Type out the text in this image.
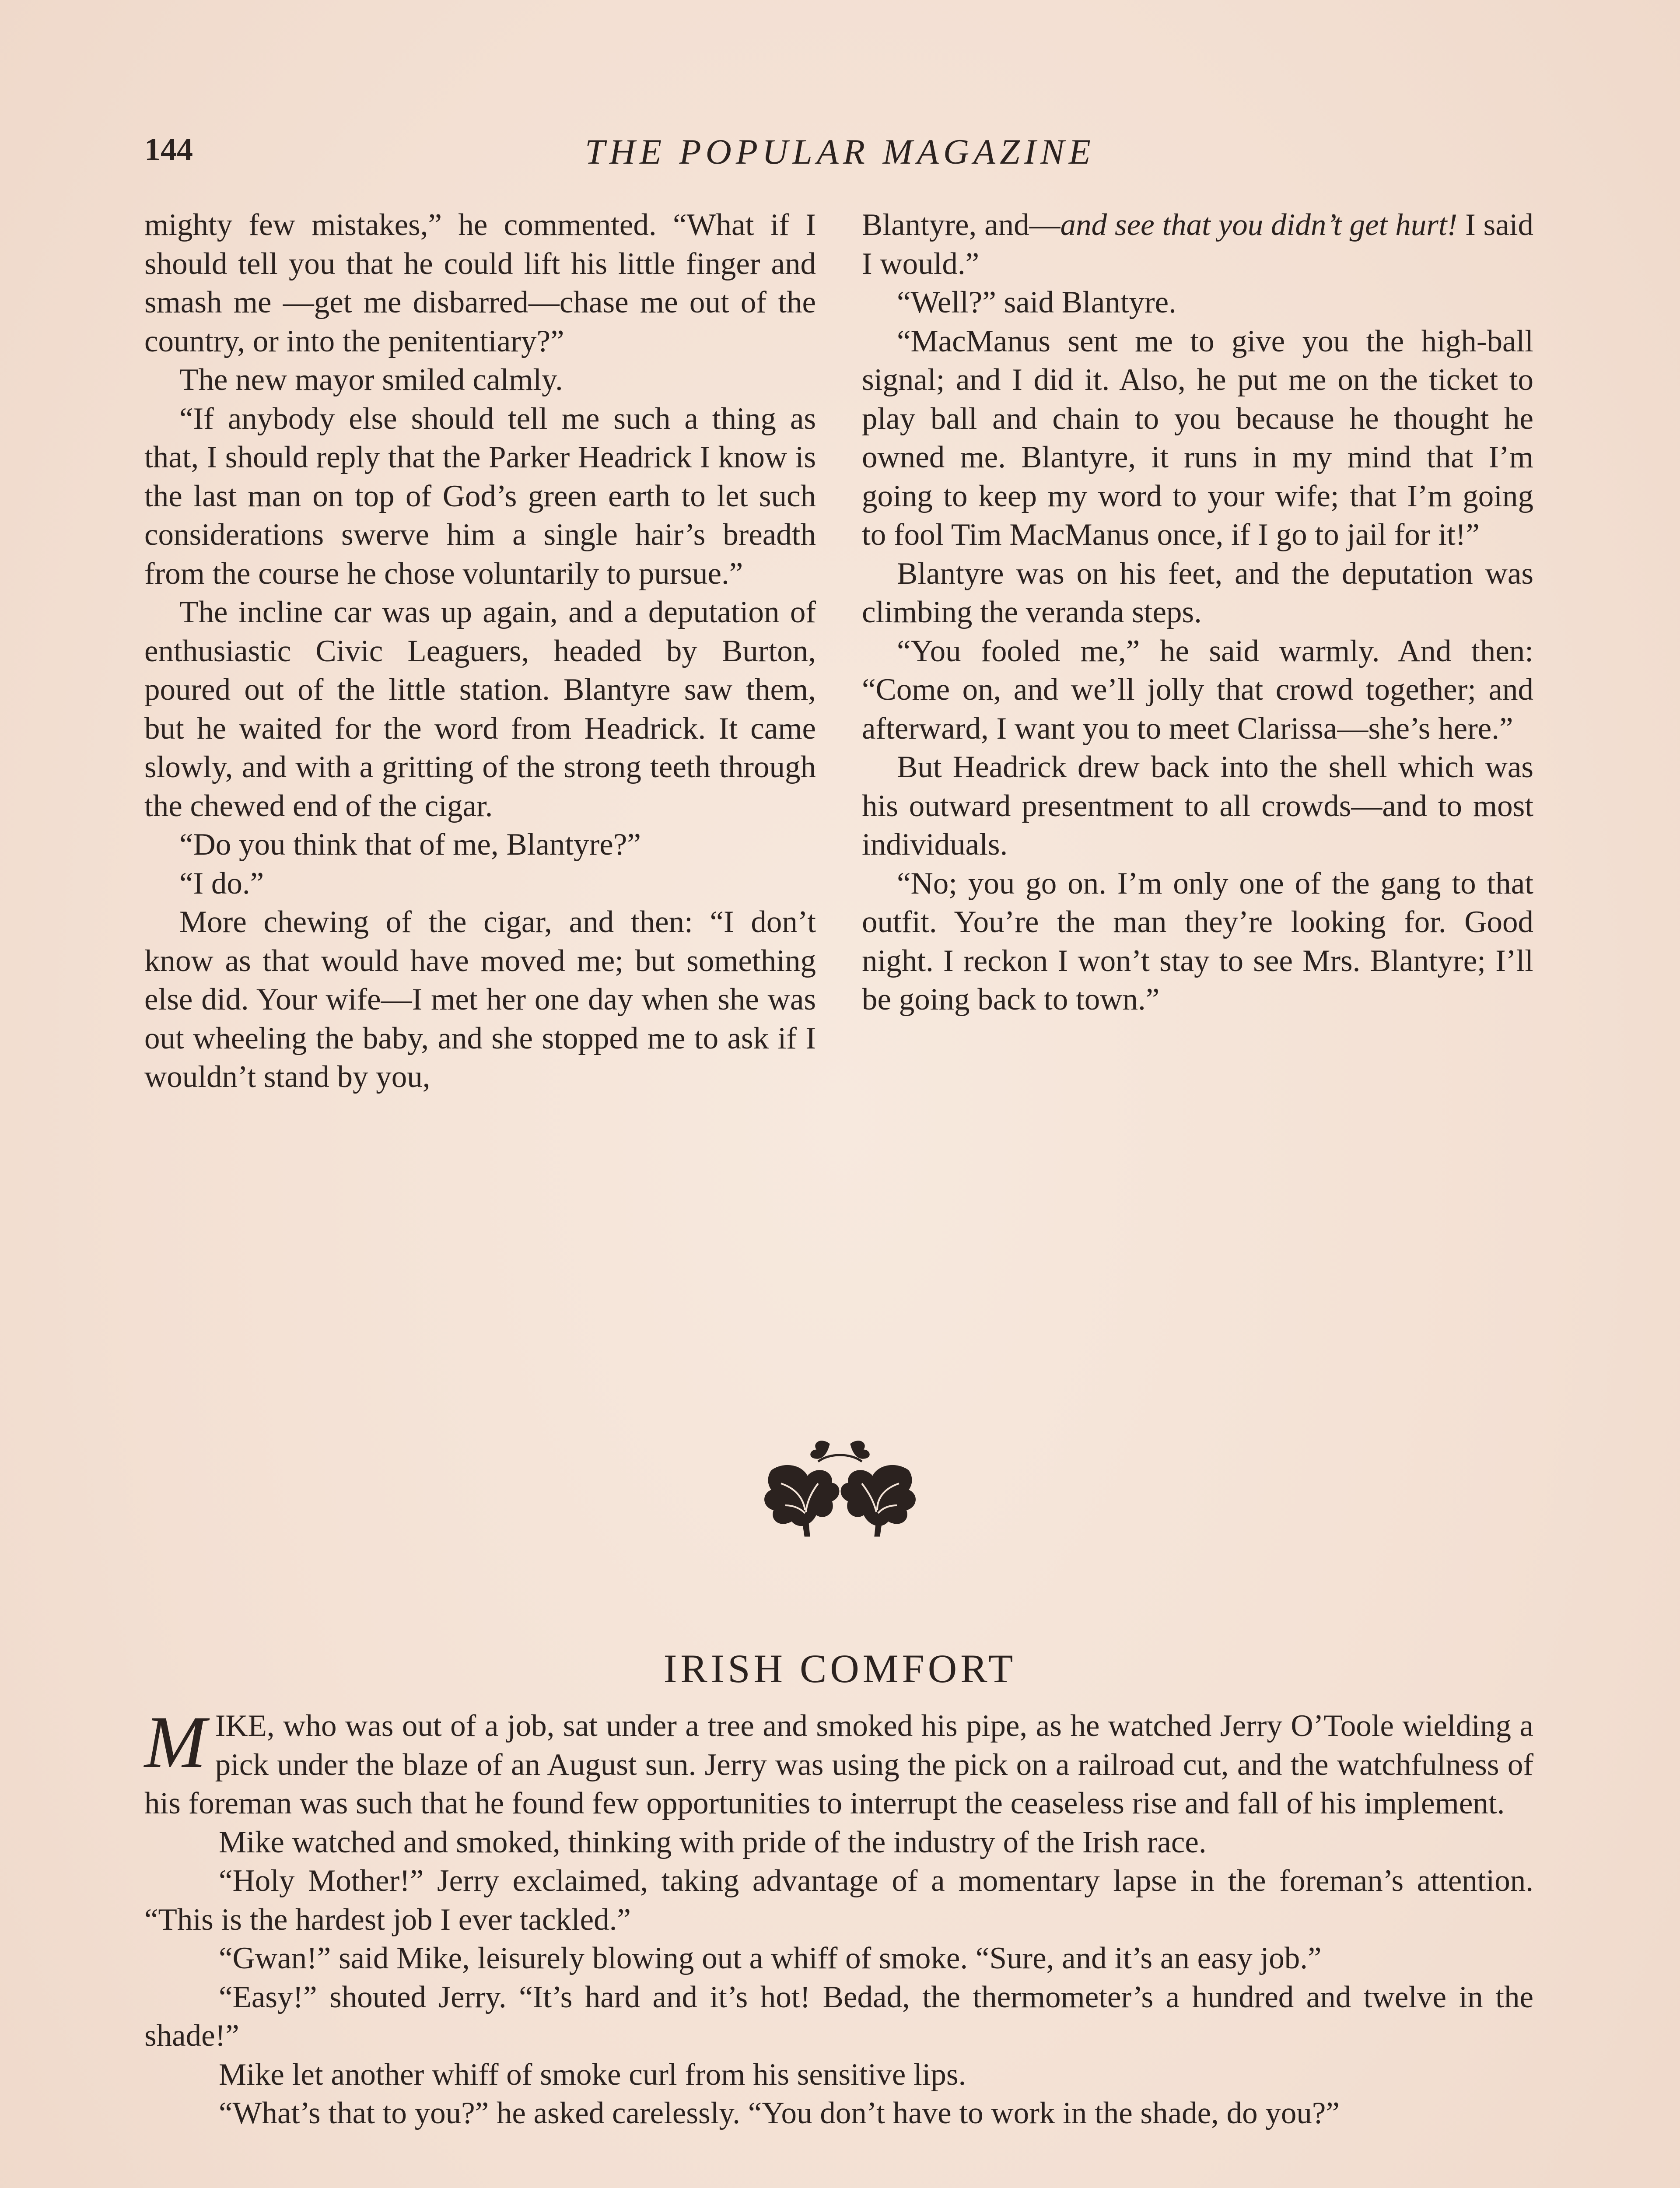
144	THE POPULAR MAGAZINE

mighty few mistakes,” he commented. “What if I should tell you that he could lift his little finger and smash me —get me disbarred—chase me out of the country, or into the penitentiary?”

The new mayor smiled calmly.

“If anybody else should tell me such a thing as that, I should reply that the Parker Headrick I know is the last man on top of God’s green earth to let such considerations swerve him a single hair’s breadth from the course he chose voluntarily to pursue.”

The incline car was up again, and a deputation of enthusiastic Civic Leaguers, headed by Burton, poured out of the little station. Blantyre saw them, but he waited for the word from Headrick. It came slowly, and with a gritting of the strong teeth through the chewed end of the cigar.

“Do you think that of me, Blantyre?”

“I do.”

More chewing of the cigar, and then: “I don’t know as that would have moved me; but something else did. Your wife—I met her one day when she was out wheeling the baby, and she stopped me to ask if I wouldn’t stand by you,

Blantyre, and—and see that you didn’t get hurt! I said I would.”

“Well?” said Blantyre.

“MacManus sent me to give you the high-ball signal; and I did it. Also, he put me on the ticket to play ball and chain to you because he thought he owned me. Blantyre, it runs in my mind that I’m going to keep my word to your wife; that I’m going to fool Tim MacManus once, if I go to jail for it!”

Blantyre was on his feet, and the deputation was climbing the veranda steps.

“You fooled me,” he said warmly. And then: “Come on, and we’ll jolly that crowd together; and afterward, I want you to meet Clarissa—she’s here.”

But Headrick drew back into the shell which was his outward presentment to all crowds—and to most individuals.

“No; you go on. I’m only one of the gang to that outfit. You’re the man they’re looking for. Good night. I reckon I won’t stay to see Mrs. Blantyre; I’ll be going back to town.”

IRISH COMFORT

MIKE, who was out of a job, sat under a tree and smoked his pipe, as he watched Jerry O’Toole wielding a pick under the blaze of an August sun. Jerry was using the pick on a railroad cut, and the watchfulness of his foreman was such that he found few opportunities to interrupt the ceaseless rise and fall of his implement.

Mike watched and smoked, thinking with pride of the industry of the Irish race.

“Holy Mother!” Jerry exclaimed, taking advantage of a momentary lapse in the foreman’s attention. “This is the hardest job I ever tackled.”

“Gwan!” said Mike, leisurely blowing out a whiff of smoke. “Sure, and it’s an easy job.”

“Easy!” shouted Jerry. “It’s hard and it’s hot! Bedad, the thermometer’s a hundred and twelve in the shade!”

Mike let another whiff of smoke curl from his sensitive lips.

“What’s that to you?” he asked carelessly. “You don’t have to work in the shade, do you?”
